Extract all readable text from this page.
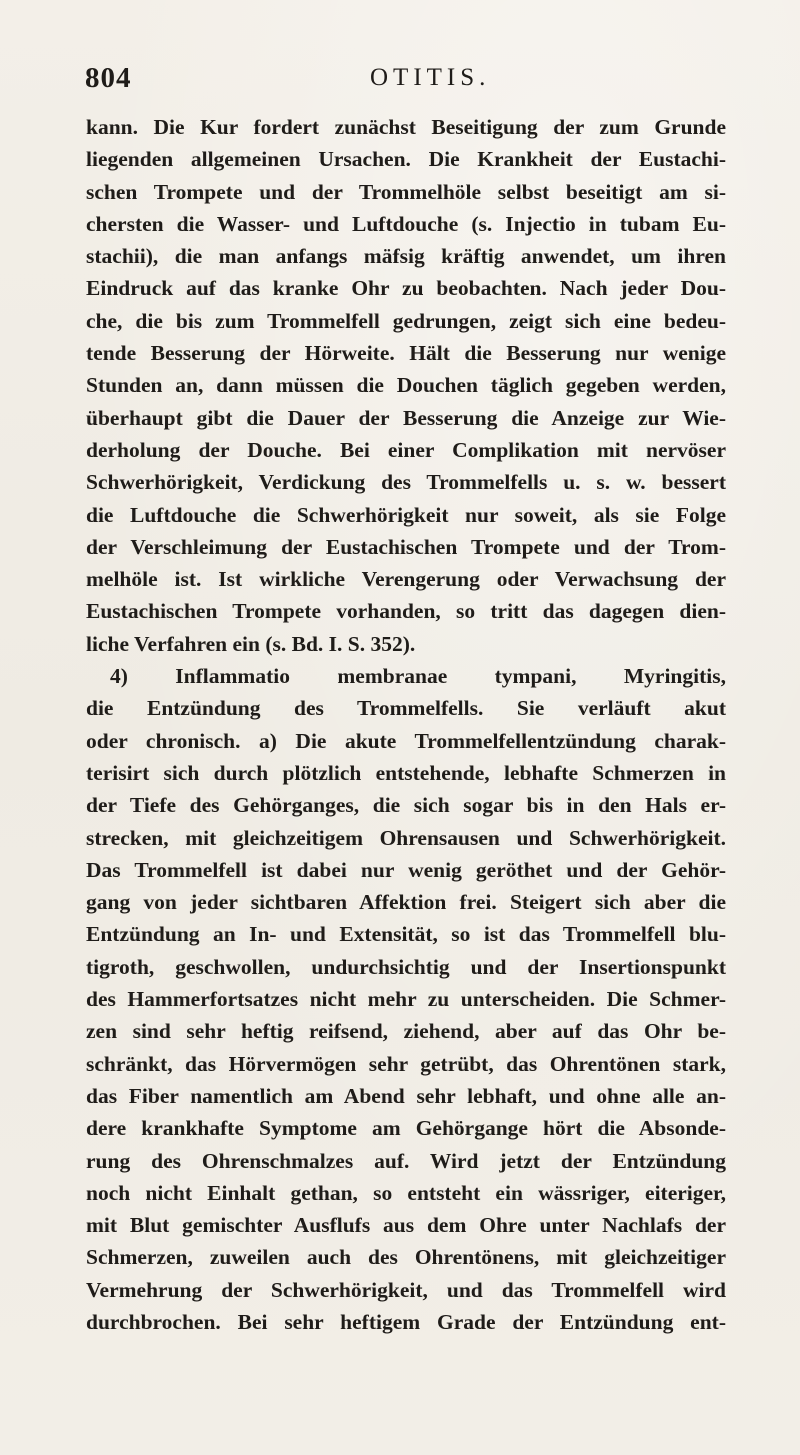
804	OTITIS.
kann. Die Kur fordert zunächst Beseitigung der zum Grunde
liegenden allgemeinen Ursachen. Die Krankheit der Eustachi-
schen Trompete und der Trommelhöle selbst beseitigt am si-
chersten die Wasser- und Luftdouche (s. Injectio in tubam Eu-
stachii), die man anfangs mäfsig kräftig anwendet, um ihren
Eindruck auf das kranke Ohr zu beobachten. Nach jeder Dou-
che, die bis zum Trommelfell gedrungen, zeigt sich eine bedeu-
tende Besserung der Hörweite. Hält die Besserung nur wenige
Stunden an, dann müssen die Douchen täglich gegeben werden,
überhaupt gibt die Dauer der Besserung die Anzeige zur Wie-
derholung der Douche. Bei einer Complikation mit nervöser
Schwerhörigkeit, Verdickung des Trommelfells u. s. w. bessert
die Luftdouche die Schwerhörigkeit nur soweit, als sie Folge
der Verschleimung der Eustachischen Trompete und der Trom-
melhöle ist. Ist wirkliche Verengerung oder Verwachsung der
Eustachischen Trompete vorhanden, so tritt das dagegen dien-
liche Verfahren ein (s. Bd. I. S. 352).
4) Inflammatio membranae tympani, Myringitis,
die Entzündung des Trommelfells. Sie verläuft akut
oder chronisch. a) Die akute Trommelfellentzündung charak-
terisirt sich durch plötzlich entstehende, lebhafte Schmerzen in
der Tiefe des Gehörganges, die sich sogar bis in den Hals er-
strecken, mit gleichzeitigem Ohrensausen und Schwerhörigkeit.
Das Trommelfell ist dabei nur wenig geröthet und der Gehör-
gang von jeder sichtbaren Affektion frei. Steigert sich aber die
Entzündung an In- und Extensität, so ist das Trommelfell blu-
tigroth, geschwollen, undurchsichtig und der Insertionspunkt
des Hammerfortsatzes nicht mehr zu unterscheiden. Die Schmer-
zen sind sehr heftig reifsend, ziehend, aber auf das Ohr be-
schränkt, das Hörvermögen sehr getrübt, das Ohrentönen stark,
das Fiber namentlich am Abend sehr lebhaft, und ohne alle an-
dere krankhafte Symptome am Gehörgange hört die Absonde-
rung des Ohrenschmalzes auf. Wird jetzt der Entzündung
noch nicht Einhalt gethan, so entsteht ein wässriger, eiteriger,
mit Blut gemischter Ausflufs aus dem Ohre unter Nachlafs der
Schmerzen, zuweilen auch des Ohrentönens, mit gleichzeitiger
Vermehrung der Schwerhörigkeit, und das Trommelfell wird
durchbrochen. Bei sehr heftigem Grade der Entzündung ent-
